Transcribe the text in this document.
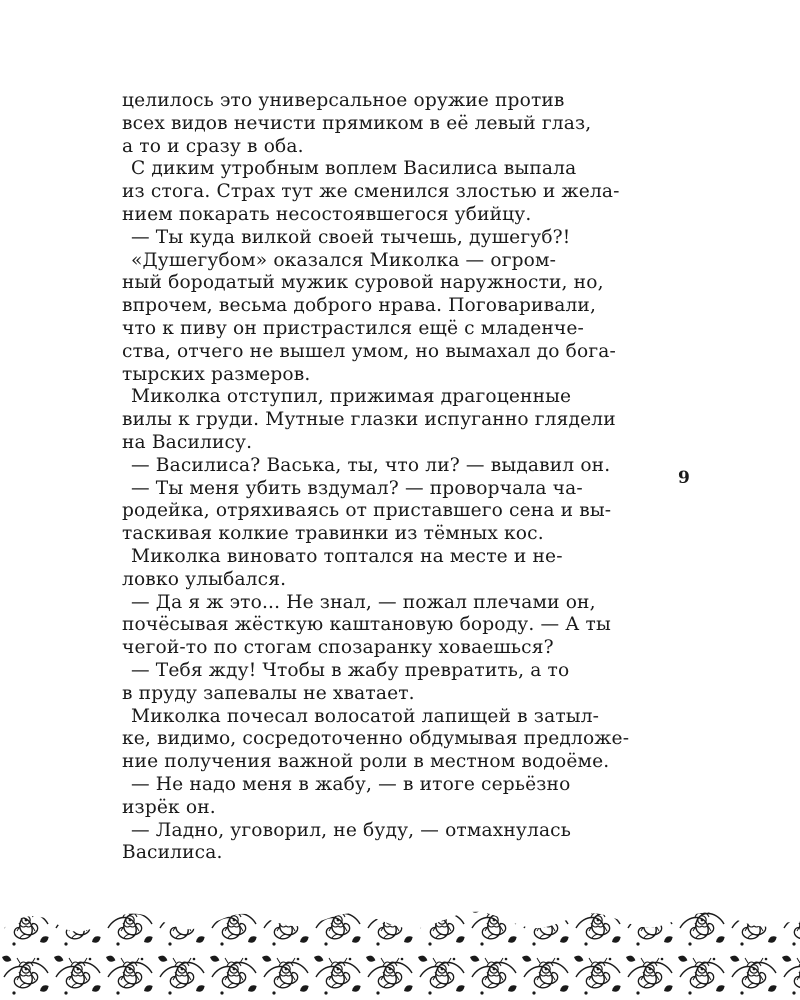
целилось это универсальное оружие против
всех видов нечисти прямиком в её левый глаз,
а то и сразу в оба.
С диким утробным воплем Василиса выпала
из стога. Страх тут же сменился злостью и жела-
нием покарать несостоявшегося убийцу.
— Ты куда вилкой своей тычешь, душегуб?!
«Душегубом» оказался Миколка — огром-
ный бородатый мужик суровой наружности, но,
впрочем, весьма доброго нрава. Поговаривали,
что к пиву он пристрастился ещё с младенче-
ства, отчего не вышел умом, но вымахал до бога-
тырских размеров.
Миколка отступил, прижимая драгоценные
вилы к груди. Мутные глазки испуганно глядели
на Василису.
— Василиса? Васька, ты, что ли? — выдавил он.
— Ты меня убить вздумал? — проворчала ча-
родейка, отряхиваясь от приставшего сена и вы-
таскивая колкие травинки из тёмных кос.
Миколка виновато топтался на месте и не-
ловко улыбался.
— Да я ж это... Не знал, — пожал плечами он,
почёсывая жёсткую каштановую бороду. — А ты
чегой-то по стогам спозаранку ховаешься?
— Тебя жду! Чтобы в жабу превратить, а то
в пруду запевалы не хватает.
Миколка почесал волосатой лапищей в затыл-
ке, видимо, сосредоточенно обдумывая предложе-
ние получения важной роли в местном водоёме.
— Не надо меня в жабу, — в итоге серьёзно
изрёк он.
— Ладно, уговорил, не буду, — отмахнулась
Василиса.
9
